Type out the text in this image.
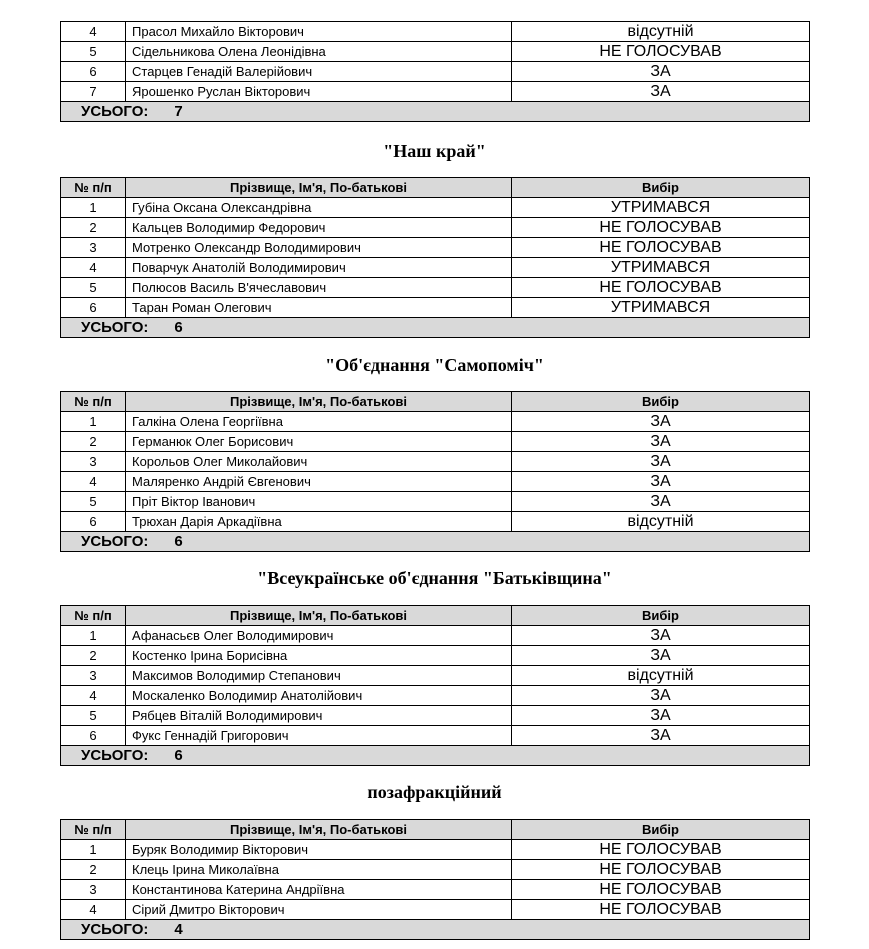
4	Прасол Михайло Вікторович	відсутній
5	Сідельникова Олена Леонідівна	НЕ ГОЛОСУВАВ
6	Старцев Генадій Валерійович	ЗА
7	Ярошенко Руслан Вікторович	ЗА
УСЬОГО: 7		
"Наш край"
№ п/п	Прізвище, Ім'я, По-батькові	Вибір
1	Губіна Оксана Олександрівна	УТРИМАВСЯ
2	Кальцев Володимир Федорович	НЕ ГОЛОСУВАВ
3	Мотренко Олександр Володимирович	НЕ ГОЛОСУВАВ
4	Поварчук Анатолій Володимирович	УТРИМАВСЯ
5	Полюсов Василь В'ячеславович	НЕ ГОЛОСУВАВ
6	Таран Роман Олегович	УТРИМАВСЯ
УСЬОГО: 6		
"Об'єднання "Самопоміч"
№ п/п	Прізвище, Ім'я, По-батькові	Вибір
1	Галкіна Олена Георгіївна	ЗА
2	Германюк Олег Борисович	ЗА
3	Корольов Олег Миколайович	ЗА
4	Маляренко Андрій Євгенович	ЗА
5	Пріт Віктор Іванович	ЗА
6	Трюхан Дарія Аркадіївна	відсутній
УСЬОГО: 6		
"Всеукраїнське об'єднання "Батьківщина"
№ п/п	Прізвище, Ім'я, По-батькові	Вибір
1	Афанасьєв Олег Володимирович	ЗА
2	Костенко Ірина Борисівна	ЗА
3	Максимов Володимир Степанович	відсутній
4	Москаленко Володимир Анатолійович	ЗА
5	Рябцев Віталій Володимирович	ЗА
6	Фукс Геннадій Григорович	ЗА
УСЬОГО: 6		
позафракційний
№ п/п	Прізвище, Ім'я, По-батькові	Вибір
1	Буряк Володимир Вікторович	НЕ ГОЛОСУВАВ
2	Клець Ірина Миколаївна	НЕ ГОЛОСУВАВ
3	Константинова Катерина Андріївна	НЕ ГОЛОСУВАВ
4	Сірий Дмитро Вікторович	НЕ ГОЛОСУВАВ
УСЬОГО: 4		
